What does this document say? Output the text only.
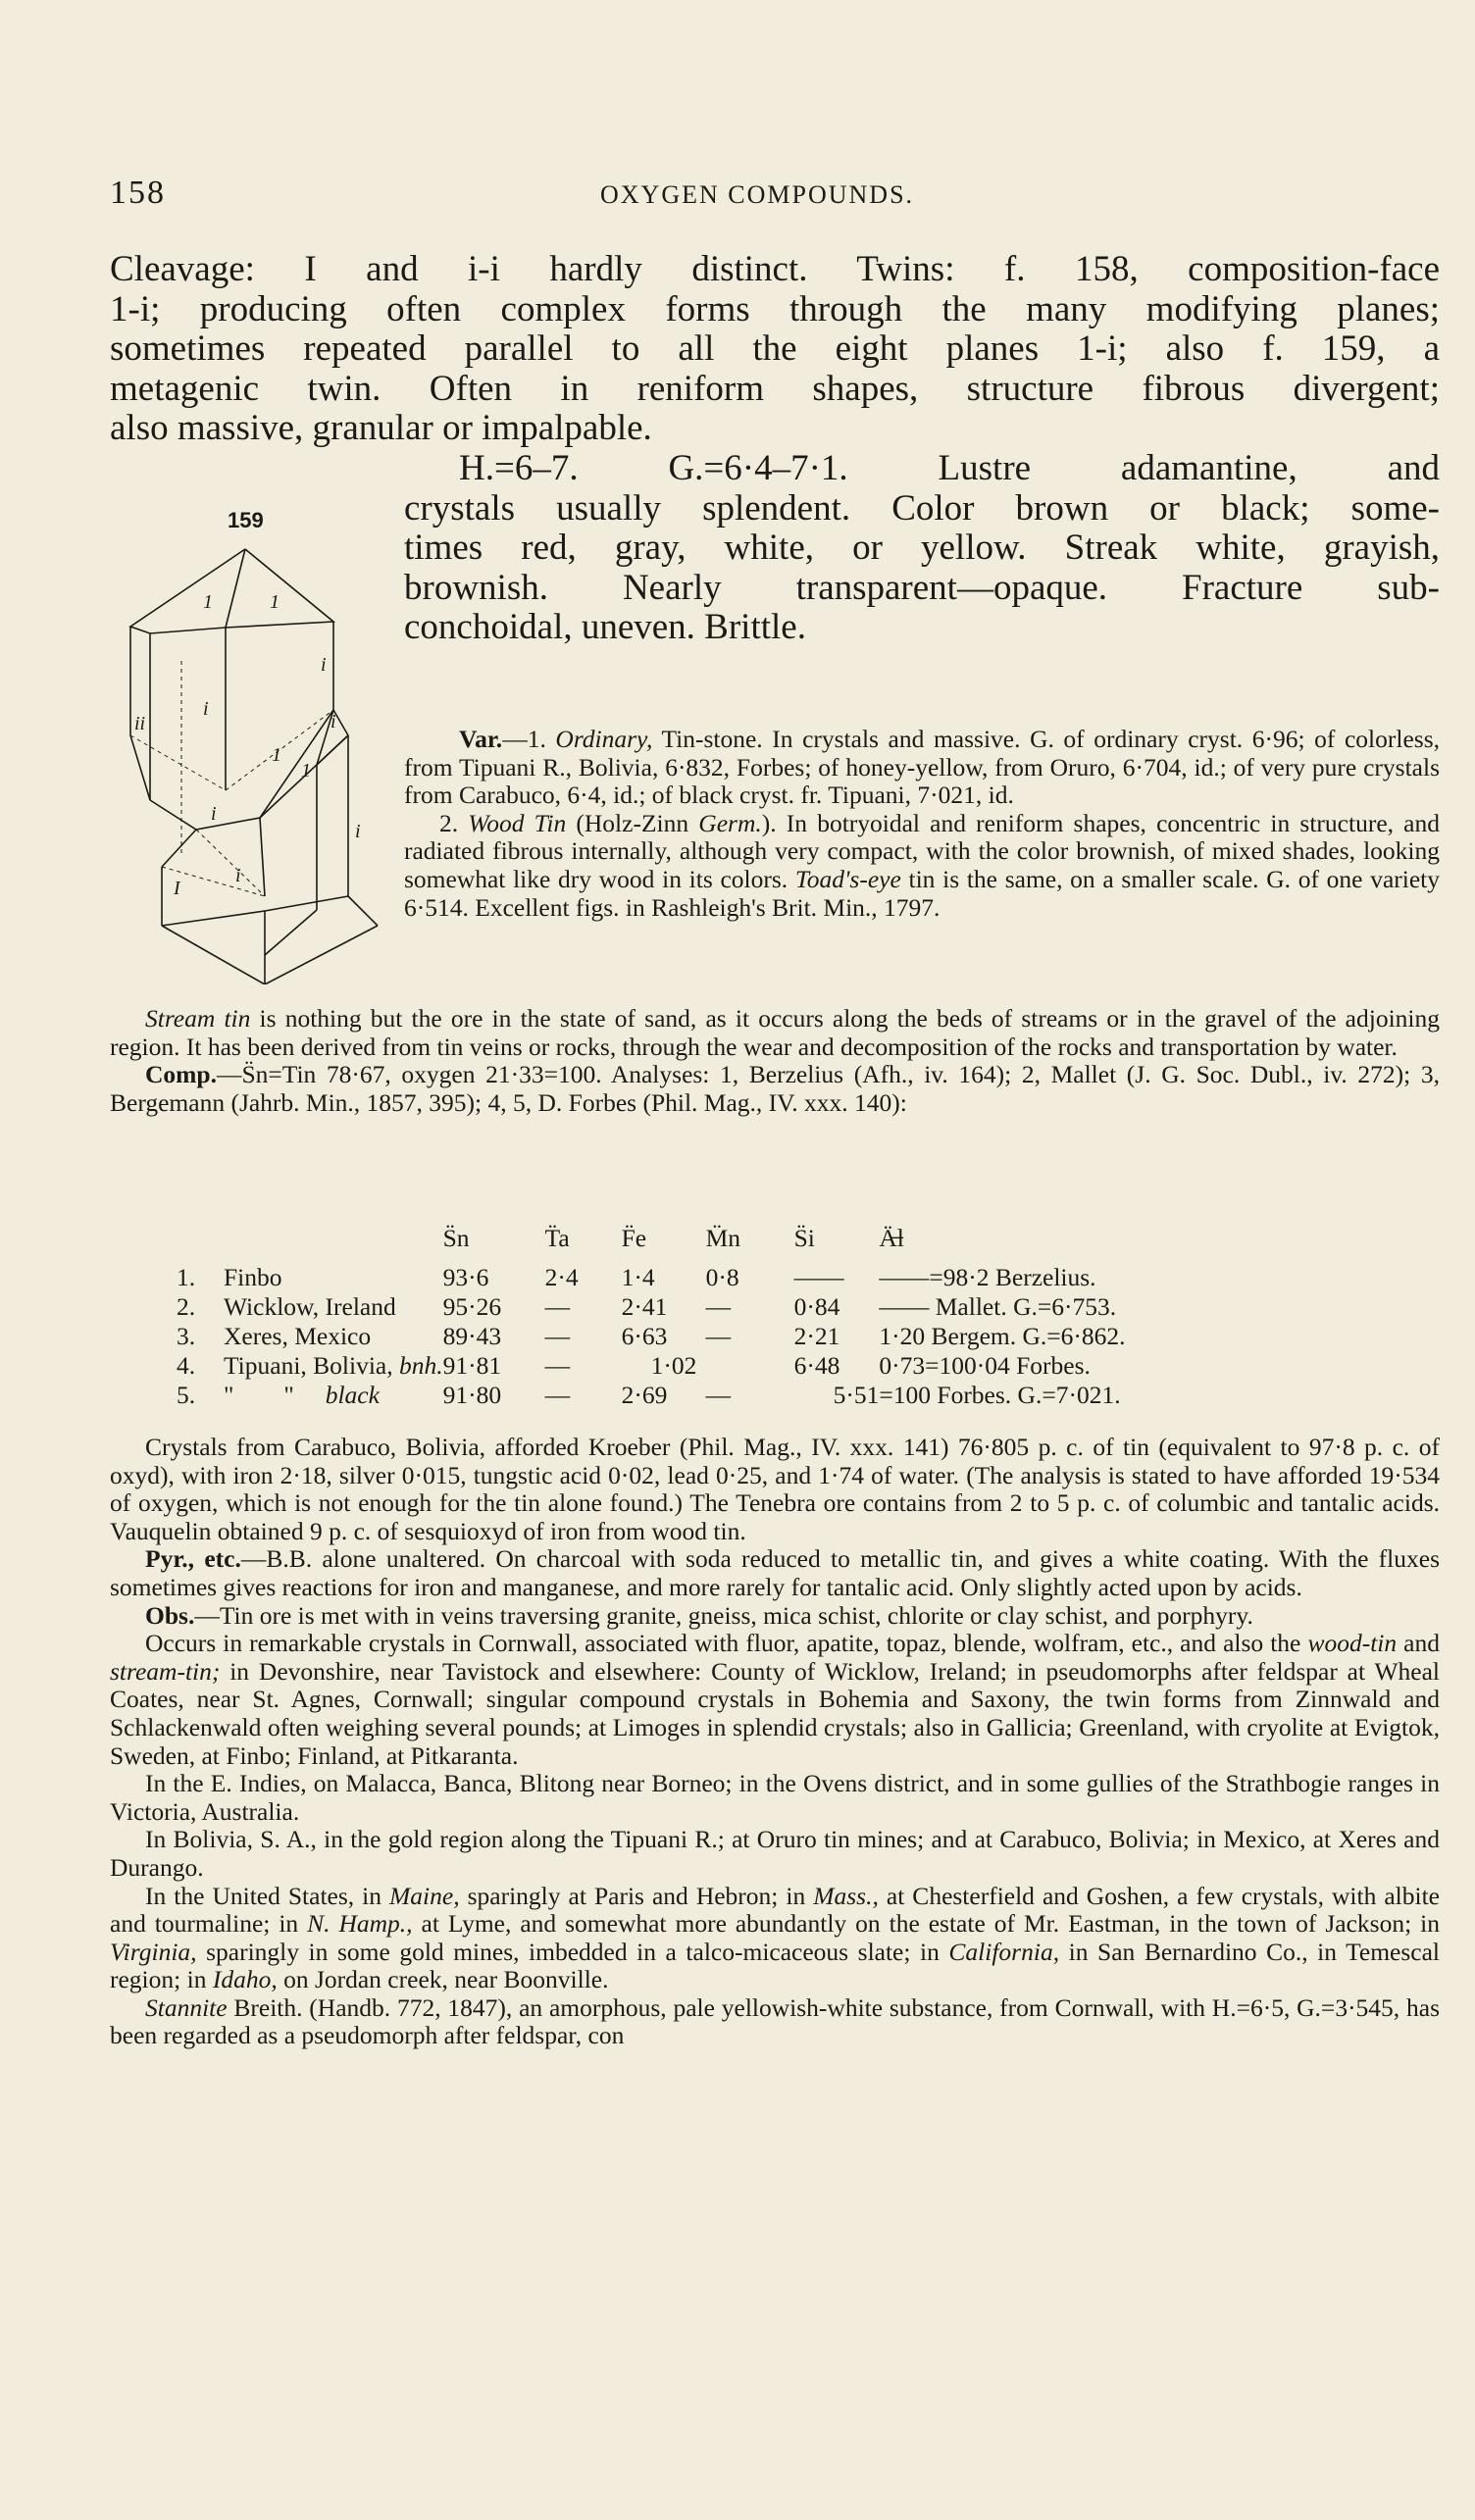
158	OXYGEN COMPOUNDS.

Cleavage: I and i-i hardly distinct. Twins: f. 158, composition-face

1-i; producing often complex forms through the many modifying planes;

sometimes repeated parallel to all the eight planes 1-i; also f. 159, a

metagenic twin. Often in reniform shapes, structure fibrous divergent;

also massive, granular or impalpable.

H.=6–7. G.=6·4–7·1. Lustre adamantine, and

crystals usually splendent. Color brown or black; some-

times red, gray, white, or yellow. Streak white, grayish,

brownish. Nearly transparent—opaque. Fracture sub-

conchoidal, uneven. Brittle.

159
1	1
i
i
i
ii
1
i
1
I
i
i

Var.—1. Ordinary, Tin-stone. In crystals and massive. G. of ordinary cryst. 6·96; of colorless, from Tipuani R., Bolivia, 6·832, Forbes; of honey-yellow, from Oruro, 6·704, id.; of very pure crystals from Carabuco, 6·4, id.; of black cryst. fr. Tipuani, 7·021, id.

2. Wood Tin (Holz-Zinn Germ.). In botryoidal and reniform shapes, concentric in structure, and radiated fibrous internally, although very compact, with the color brownish, of mixed shades, looking somewhat like dry wood in its colors. Toad's-eye tin is the same, on a smaller scale. G. of one variety 6·514. Excellent figs. in Rashleigh's Brit. Min., 1797.

Stream tin is nothing but the ore in the state of sand, as it occurs along the beds of streams or in the gravel of the adjoining region. It has been derived from tin veins or rocks, through the wear and decomposition of the rocks and transportation by water.

Comp.—S̈n=Tin 78·67, oxygen 21·33=100. Analyses: 1, Berzelius (Afh., iv. 164); 2, Mallet (J. G. Soc. Dubl., iv. 272); 3, Bergemann (Jahrb. Min., 1857, 395); 4, 5, D. Forbes (Phil. Mag., IV. xxx. 140):

		S̈n	T̈a	F̈e	M̈n	S̈i	Ä̶l
1.	Finbo	93·6	2·4	1·4	0·8	——	——=98·2 Berzelius.
2.	Wicklow, Ireland	95·26	—	2·41	—	0·84	—— Mallet. G.=6·753.
3.	Xeres, Mexico	89·43	—	6·63	—	2·21	1·20 Bergem. G.=6·862.
4.	Tipuani, Bolivia, bnh.	91·81	—	1·02		6·48	0·73=100·04 Forbes.
5.	"        "     black	91·80	—	2·69	—	5·51	=100 Forbes. G.=7·021.

Crystals from Carabuco, Bolivia, afforded Kroeber (Phil. Mag., IV. xxx. 141) 76·805 p. c. of tin (equivalent to 97·8 p. c. of oxyd), with iron 2·18, silver 0·015, tungstic acid 0·02, lead 0·25, and 1·74 of water. (The analysis is stated to have afforded 19·534 of oxygen, which is not enough for the tin alone found.) The Tenebra ore contains from 2 to 5 p. c. of columbic and tantalic acids. Vauquelin obtained 9 p. c. of sesquioxyd of iron from wood tin.

Pyr., etc.—B.B. alone unaltered. On charcoal with soda reduced to metallic tin, and gives a white coating. With the fluxes sometimes gives reactions for iron and manganese, and more rarely for tantalic acid. Only slightly acted upon by acids.

Obs.—Tin ore is met with in veins traversing granite, gneiss, mica schist, chlorite or clay schist, and porphyry.

Occurs in remarkable crystals in Cornwall, associated with fluor, apatite, topaz, blende, wolfram, etc., and also the wood-tin and stream-tin; in Devonshire, near Tavistock and elsewhere: County of Wicklow, Ireland; in pseudomorphs after feldspar at Wheal Coates, near St. Agnes, Cornwall; singular compound crystals in Bohemia and Saxony, the twin forms from Zinnwald and Schlackenwald often weighing several pounds; at Limoges in splendid crystals; also in Gallicia; Greenland, with cryolite at Evigtok, Sweden, at Finbo; Finland, at Pitkaranta.

In the E. Indies, on Malacca, Banca, Blitong near Borneo; in the Ovens district, and in some gullies of the Strathbogie ranges in Victoria, Australia.

In Bolivia, S. A., in the gold region along the Tipuani R.; at Oruro tin mines; and at Carabuco, Bolivia; in Mexico, at Xeres and Durango.

In the United States, in Maine, sparingly at Paris and Hebron; in Mass., at Chesterfield and Goshen, a few crystals, with albite and tourmaline; in N. Hamp., at Lyme, and somewhat more abundantly on the estate of Mr. Eastman, in the town of Jackson; in Virginia, sparingly in some gold mines, imbedded in a talco-micaceous slate; in California, in San Bernardino Co., in Temescal region; in Idaho, on Jordan creek, near Boonville.

Stannite Breith. (Handb. 772, 1847), an amorphous, pale yellowish-white substance, from Cornwall, with H.=6·5, G.=3·545, has been regarded as a pseudomorph after feldspar, con
